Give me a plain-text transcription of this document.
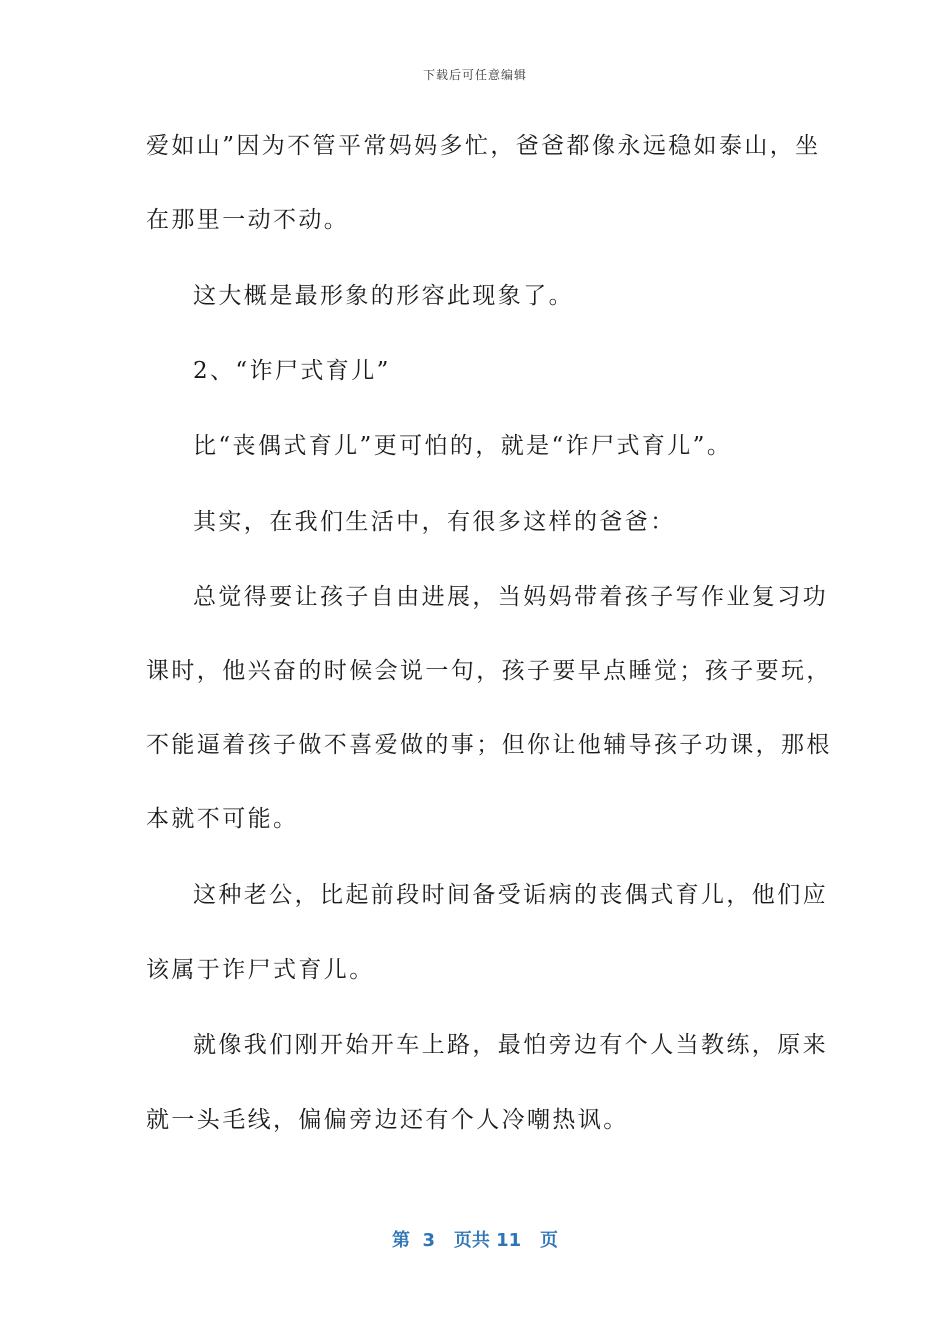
下载后可任意编辑
爱如山”因为不管平常妈妈多忙，爸爸都像永远稳如泰山，坐
在那里一动不动。
这大概是最形象的形容此现象了。
2、“诈尸式育儿”
比“丧偶式育儿”更可怕的，就是“诈尸式育儿”。
其实，在我们生活中，有很多这样的爸爸：
总觉得要让孩子自由进展，当妈妈带着孩子写作业复习功
课时，他兴奋的时候会说一句，孩子要早点睡觉；孩子要玩，
不能逼着孩子做不喜爱做的事；但你让他辅导孩子功课，那根
本就不可能。
这种老公，比起前段时间备受诟病的丧偶式育儿，他们应
该属于诈尸式育儿。
就像我们刚开始开车上路，最怕旁边有个人当教练，原来
就一头毛线，偏偏旁边还有个人冷嘲热讽。
第  3   页共 11   页
